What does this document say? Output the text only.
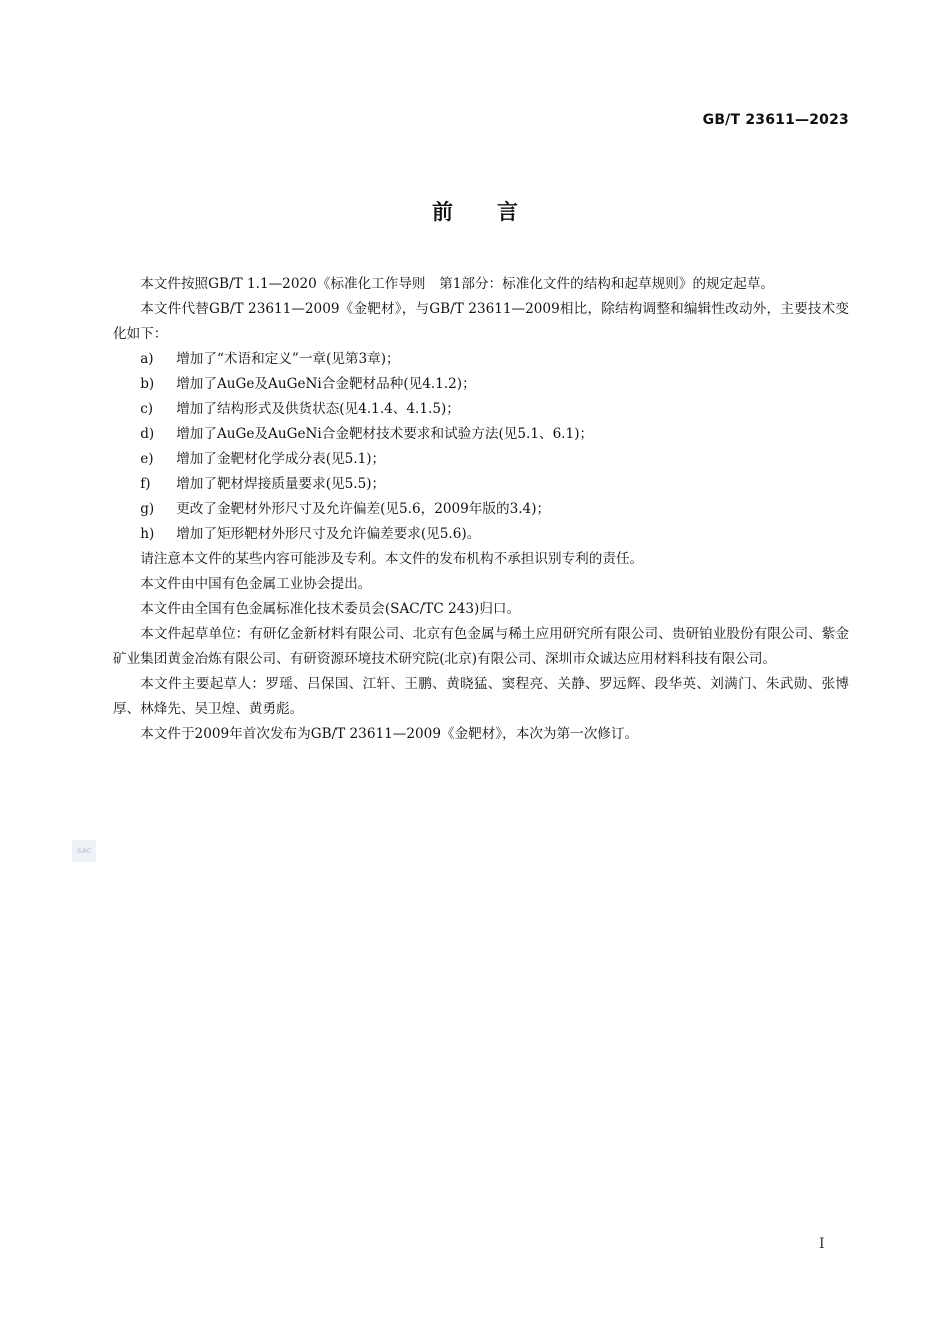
GB/T 23611—2023
前言

本文件按照GB/T 1.1—2020《标准化工作导则　第1部分：标准化文件的结构和起草规则》的规定起草。

本文件代替GB/T 23611—2009《金靶材》，与GB/T 23611—2009相比，除结构调整和编辑性改动外，主要技术变化如下：

a)	增加了“术语和定义”一章(见第3章)；
b)	增加了AuGe及AuGeNi合金靶材品种(见4.1.2)；
c)	增加了结构形式及供货状态(见4.1.4、4.1.5)；
d)	增加了AuGe及AuGeNi合金靶材技术要求和试验方法(见5.1、6.1)；
e)	增加了金靶材化学成分表(见5.1)；
f)	增加了靶材焊接质量要求(见5.5)；
g)	更改了金靶材外形尺寸及允许偏差(见5.6，2009年版的3.4)；
h)	增加了矩形靶材外形尺寸及允许偏差要求(见5.6)。

请注意本文件的某些内容可能涉及专利。本文件的发布机构不承担识别专利的责任。

本文件由中国有色金属工业协会提出。

本文件由全国有色金属标准化技术委员会(SAC/TC 243)归口。

本文件起草单位：有研亿金新材料有限公司、北京有色金属与稀土应用研究所有限公司、贵研铂业股份有限公司、紫金矿业集团黄金冶炼有限公司、有研资源环境技术研究院(北京)有限公司、深圳市众诚达应用材料科技有限公司。

本文件主要起草人：罗瑶、吕保国、江轩、王鹏、黄晓猛、窦程亮、关静、罗远辉、段华英、刘满门、朱武勋、张博厚、林烽先、吴卫煌、黄勇彪。

本文件于2009年首次发布为GB/T 23611—2009《金靶材》，本次为第一次修订。

SAC
I
